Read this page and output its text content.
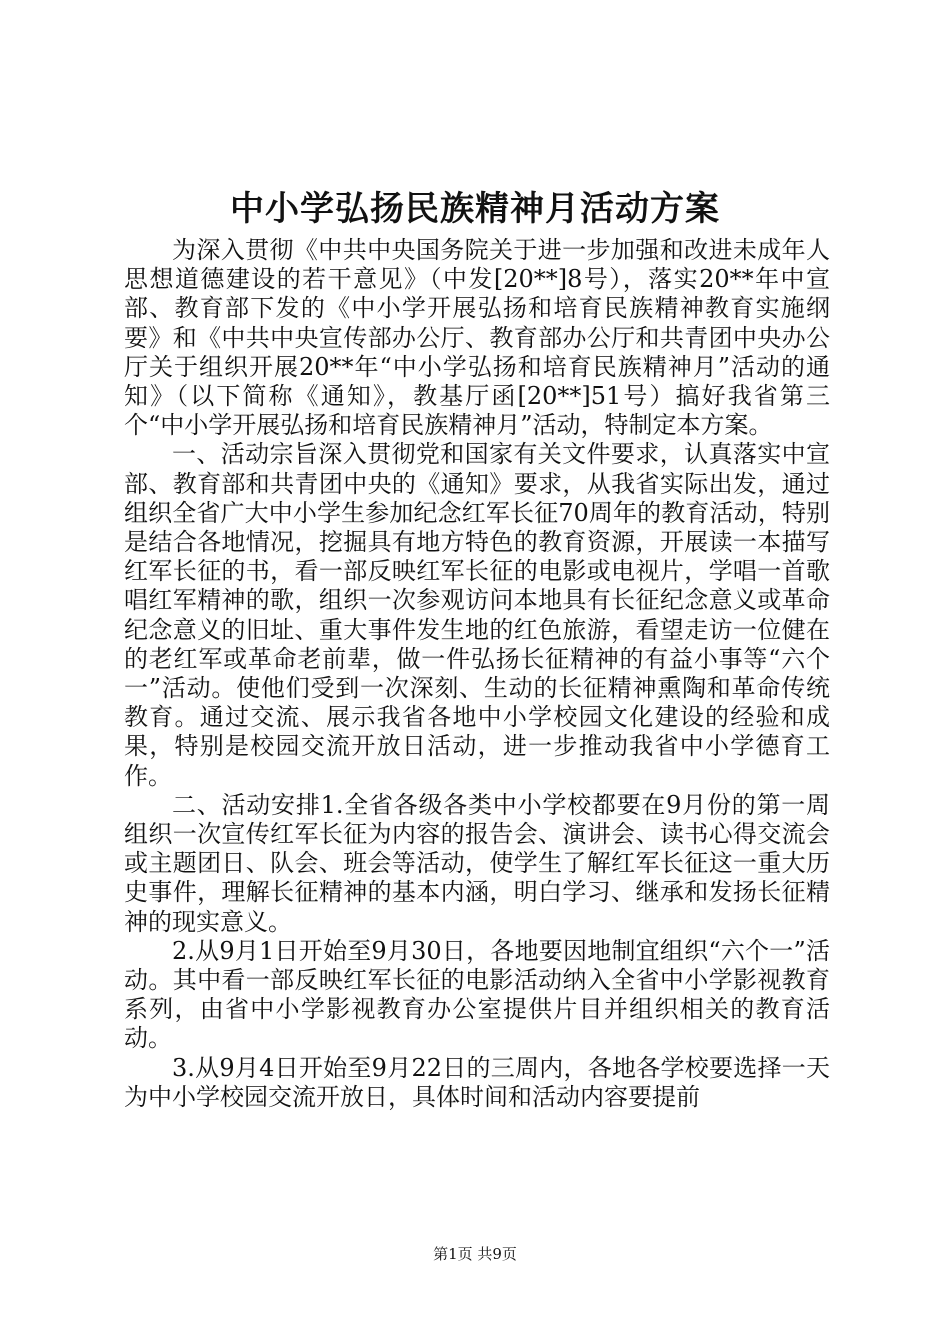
中小学弘扬民族精神月活动方案

为深入贯彻《中共中央国务院关于进一步加强和改进未成年人思想道德建设的若干意见》（中发[20**]8号），落实20**年中宣部、教育部下发的《中小学开展弘扬和培育民族精神教育实施纲要》和《中共中央宣传部办公厅、教育部办公厅和共青团中央办公厅关于组织开展20**年“中小学弘扬和培育民族精神月”活动的通知》（以下简称《通知》，教基厅函[20**]51号）搞好我省第三个“中小学开展弘扬和培育民族精神月”活动，特制定本方案。

一、活动宗旨深入贯彻党和国家有关文件要求，认真落实中宣部、教育部和共青团中央的《通知》要求，从我省实际出发，通过组织全省广大中小学生参加纪念红军长征70周年的教育活动，特别是结合各地情况，挖掘具有地方特色的教育资源，开展读一本描写红军长征的书，看一部反映红军长征的电影或电视片，学唱一首歌唱红军精神的歌，组织一次参观访问本地具有长征纪念意义或革命纪念意义的旧址、重大事件发生地的红色旅游，看望走访一位健在的老红军或革命老前辈，做一件弘扬长征精神的有益小事等“六个一”活动。使他们受到一次深刻、生动的长征精神熏陶和革命传统教育。通过交流、展示我省各地中小学校园文化建设的经验和成果，特别是校园交流开放日活动，进一步推动我省中小学德育工作。

二、活动安排1.全省各级各类中小学校都要在9月份的第一周组织一次宣传红军长征为内容的报告会、演讲会、读书心得交流会或主题团日、队会、班会等活动，使学生了解红军长征这一重大历史事件，理解长征精神的基本内涵，明白学习、继承和发扬长征精神的现实意义。

2.从9月1日开始至9月30日，各地要因地制宜组织“六个一”活动。其中看一部反映红军长征的电影活动纳入全省中小学影视教育系列，由省中小学影视教育办公室提供片目并组织相关的教育活动。

3.从9月4日开始至9月22日的三周内，各地各学校要选择一天为中小学校园交流开放日，具体时间和活动内容要提前

第1页 共9页
